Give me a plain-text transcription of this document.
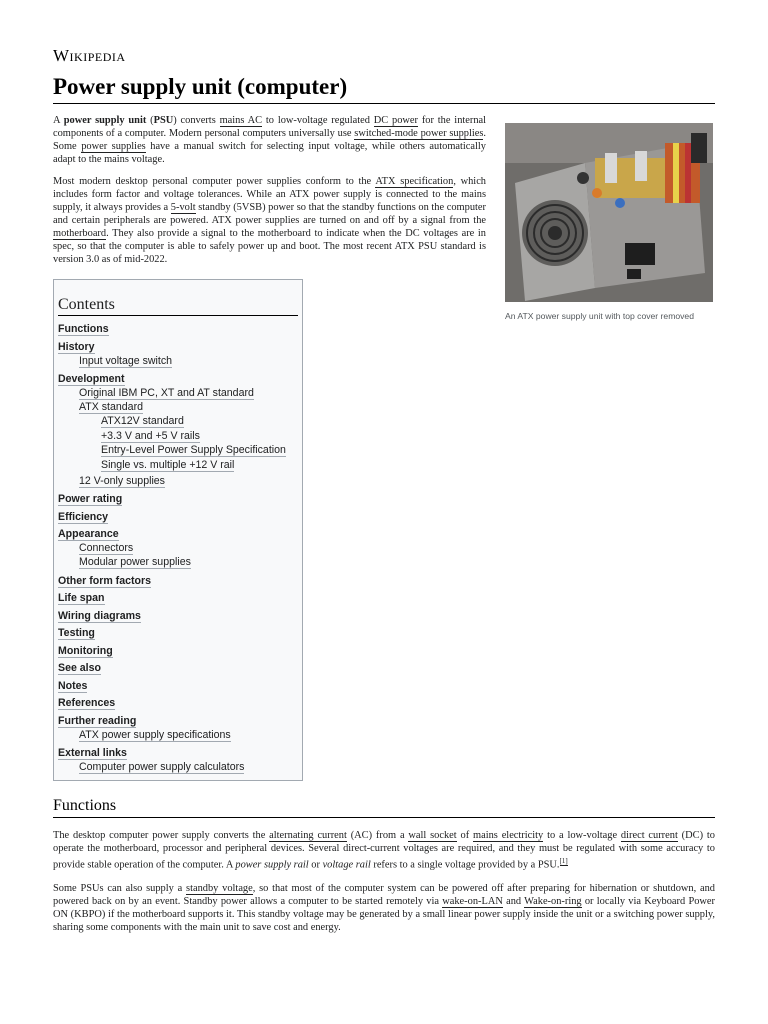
Wikipedia
Power supply unit (computer)

A power supply unit (PSU) converts mains AC to low-voltage regulated DC power for the internal components of a computer. Modern personal computers universally use switched-mode power supplies. Some power supplies have a manual switch for selecting input voltage, while others automatically adapt to the mains voltage.

Most modern desktop personal computer power supplies conform to the ATX specification, which includes form factor and voltage tolerances. While an ATX power supply is connected to the mains supply, it always provides a 5-volt standby (5VSB) power so that the standby functions on the computer and certain peripherals are powered. ATX power supplies are turned on and off by a signal from the motherboard. They also provide a signal to the motherboard to indicate when the DC voltages are in spec, so that the computer is able to safely power up and boot. The most recent ATX PSU standard is version 3.0 as of mid-2022.

An ATX power supply unit with top cover removed
Contents
Functions
History
Input voltage switch
Development
Original IBM PC, XT and AT standard
ATX standard
ATX12V standard
+3.3 V and +5 V rails
Entry-Level Power Supply Specification
Single vs. multiple +12 V rail
12 V-only supplies
Power rating
Efficiency
Appearance
Connectors
Modular power supplies
Other form factors
Life span
Wiring diagrams
Testing
Monitoring
See also
Notes
References
Further reading
ATX power supply specifications
External links
Computer power supply calculators
Functions

The desktop computer power supply converts the alternating current (AC) from a wall socket of mains electricity to a low-voltage direct current (DC) to operate the motherboard, processor and peripheral devices. Several direct-current voltages are required, and they must be regulated with some accuracy to provide stable operation of the computer. A power supply rail or voltage rail refers to a single voltage provided by a PSU.[1]

Some PSUs can also supply a standby voltage, so that most of the computer system can be powered off after preparing for hibernation or shutdown, and powered back on by an event. Standby power allows a computer to be started remotely via wake-on-LAN and Wake-on-ring or locally via Keyboard Power ON (KBPO) if the motherboard supports it. This standby voltage may be generated by a small linear power supply inside the unit or a switching power supply, sharing some components with the main unit to save cost and energy.
